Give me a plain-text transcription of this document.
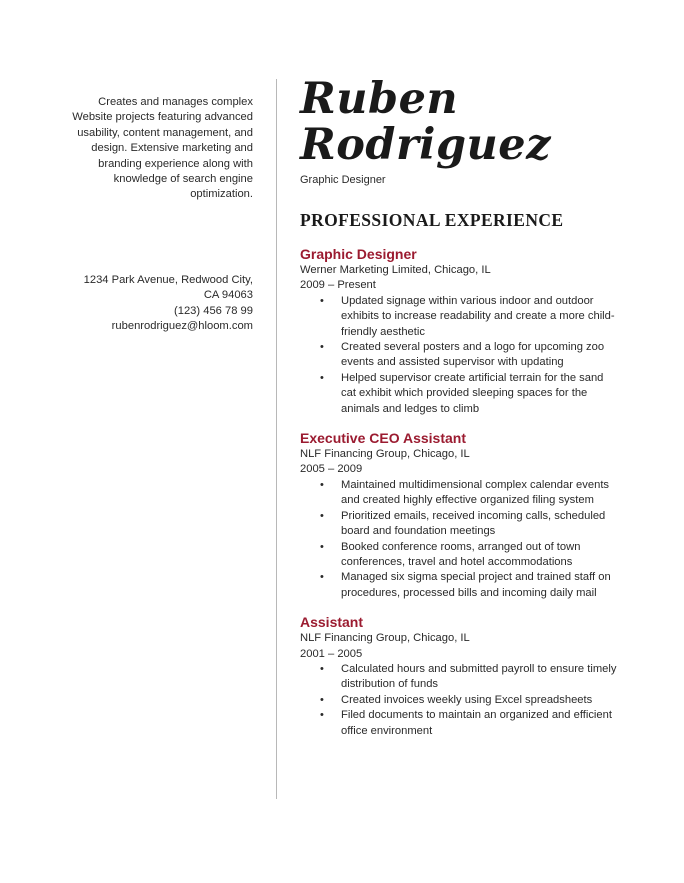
Creates and manages complex Website projects featuring advanced usability, content management, and design. Extensive marketing and branding experience along with knowledge of search engine optimization.

1234 Park Avenue, Redwood City,
CA 94063
(123) 456 78 99
rubenrodriguez@hloom.com
Ruben
Rodriguez
Graphic Designer
PROFESSIONAL EXPERIENCE
Graphic Designer
Werner Marketing Limited, Chicago, IL
2009 – Present
• Updated signage within various indoor and outdoor exhibits to increase readability and create a more child-friendly aesthetic
• Created several posters and a logo for upcoming zoo events and assisted supervisor with updating
• Helped supervisor create artificial terrain for the sand cat exhibit which provided sleeping spaces for the animals and ledges to climb
Executive CEO Assistant
NLF Financing Group, Chicago, IL
2005 – 2009
• Maintained multidimensional complex calendar events and created highly effective organized filing system
• Prioritized emails, received incoming calls, scheduled board and foundation meetings
• Booked conference rooms, arranged out of town conferences, travel and hotel accommodations
• Managed six sigma special project and trained staff on procedures, processed bills and incoming daily mail
Assistant
NLF Financing Group, Chicago, IL
2001 – 2005
• Calculated hours and submitted payroll to ensure timely distribution of funds
• Created invoices weekly using Excel spreadsheets
• Filed documents to maintain an organized and efficient office environment
